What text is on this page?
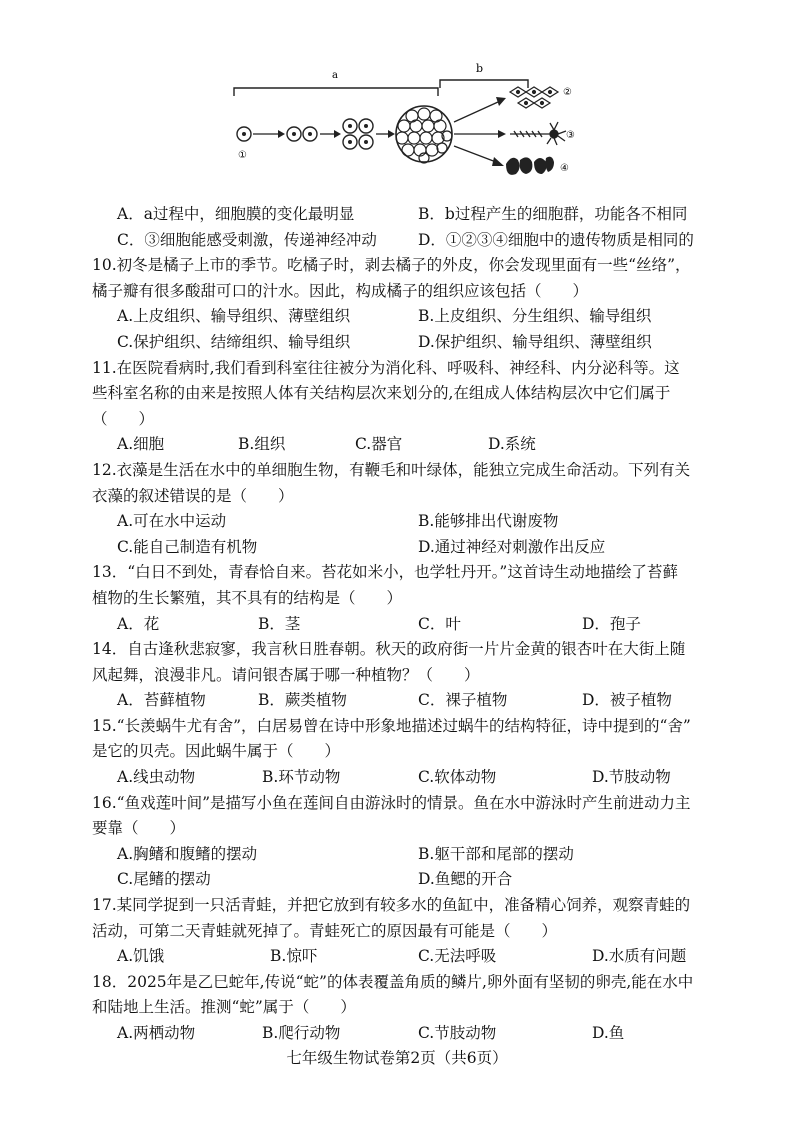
a
b
①
②
③
④
A．a过程中，细胞膜的变化最明显	B．b过程产生的细胞群，功能各不相同
C．③细胞能感受刺激，传递神经冲动	D．①②③④细胞中的遗传物质是相同的
10.初冬是橘子上市的季节。吃橘子时，剥去橘子的外皮，你会发现里面有一些“丝络”，
橘子瓣有很多酸甜可口的汁水。因此，构成橘子的组织应该包括（　　）
A.上皮组织、输导组织、薄壁组织	B.上皮组织、分生组织、输导组织
C.保护组织、结缔组织、输导组织	D.保护组织、输导组织、薄壁组织
11.在医院看病时,我们看到科室往往被分为消化科、呼吸科、神经科、内分泌科等。这
些科室名称的由来是按照人体有关结构层次来划分的,在组成人体结构层次中它们属于
（　　）
A.细胞	B.组织	C.器官	D.系统
12.衣藻是生活在水中的单细胞生物，有鞭毛和叶绿体，能独立完成生命活动。下列有关
衣藻的叙述错误的是（　　）
A.可在水中运动	B.能够排出代谢废物
C.能自己制造有机物	D.通过神经对刺激作出反应
13．“白日不到处，青春恰自来。苔花如米小，也学牡丹开。”这首诗生动地描绘了苔藓
植物的生长繁殖，其不具有的结构是（　　）
A．花	B．茎	C．叶	D．孢子
14．自古逢秋悲寂寥，我言秋日胜春朝。秋天的政府街一片片金黄的银杏叶在大街上随
风起舞，浪漫非凡。请问银杏属于哪一种植物？（　　）
A．苔藓植物	B．蕨类植物	C．裸子植物	D．被子植物
15.“长羡蜗牛尤有舍”，白居易曾在诗中形象地描述过蜗牛的结构特征，诗中提到的“舍”
是它的贝壳。因此蜗牛属于（　　）
A.线虫动物	B.环节动物	C.软体动物	D.节肢动物
16.“鱼戏莲叶间”是描写小鱼在莲间自由游泳时的情景。鱼在水中游泳时产生前进动力主
要靠（　　）
A.胸鳍和腹鳍的摆动	B.躯干部和尾部的摆动
C.尾鳍的摆动	D.鱼鳃的开合
17.某同学捉到一只活青蛙，并把它放到有较多水的鱼缸中，准备精心饲养，观察青蛙的
活动，可第二天青蛙就死掉了。青蛙死亡的原因最有可能是（　　）
A.饥饿	B.惊吓	C.无法呼吸	D.水质有问题
18．2025年是乙巳蛇年,传说“蛇”的体表覆盖角质的鳞片,卵外面有坚韧的卵壳,能在水中
和陆地上生活。推测“蛇”属于（　　）
A.两栖动物	B.爬行动物	C.节肢动物	D.鱼
七年级生物试卷第2页（共6页）
